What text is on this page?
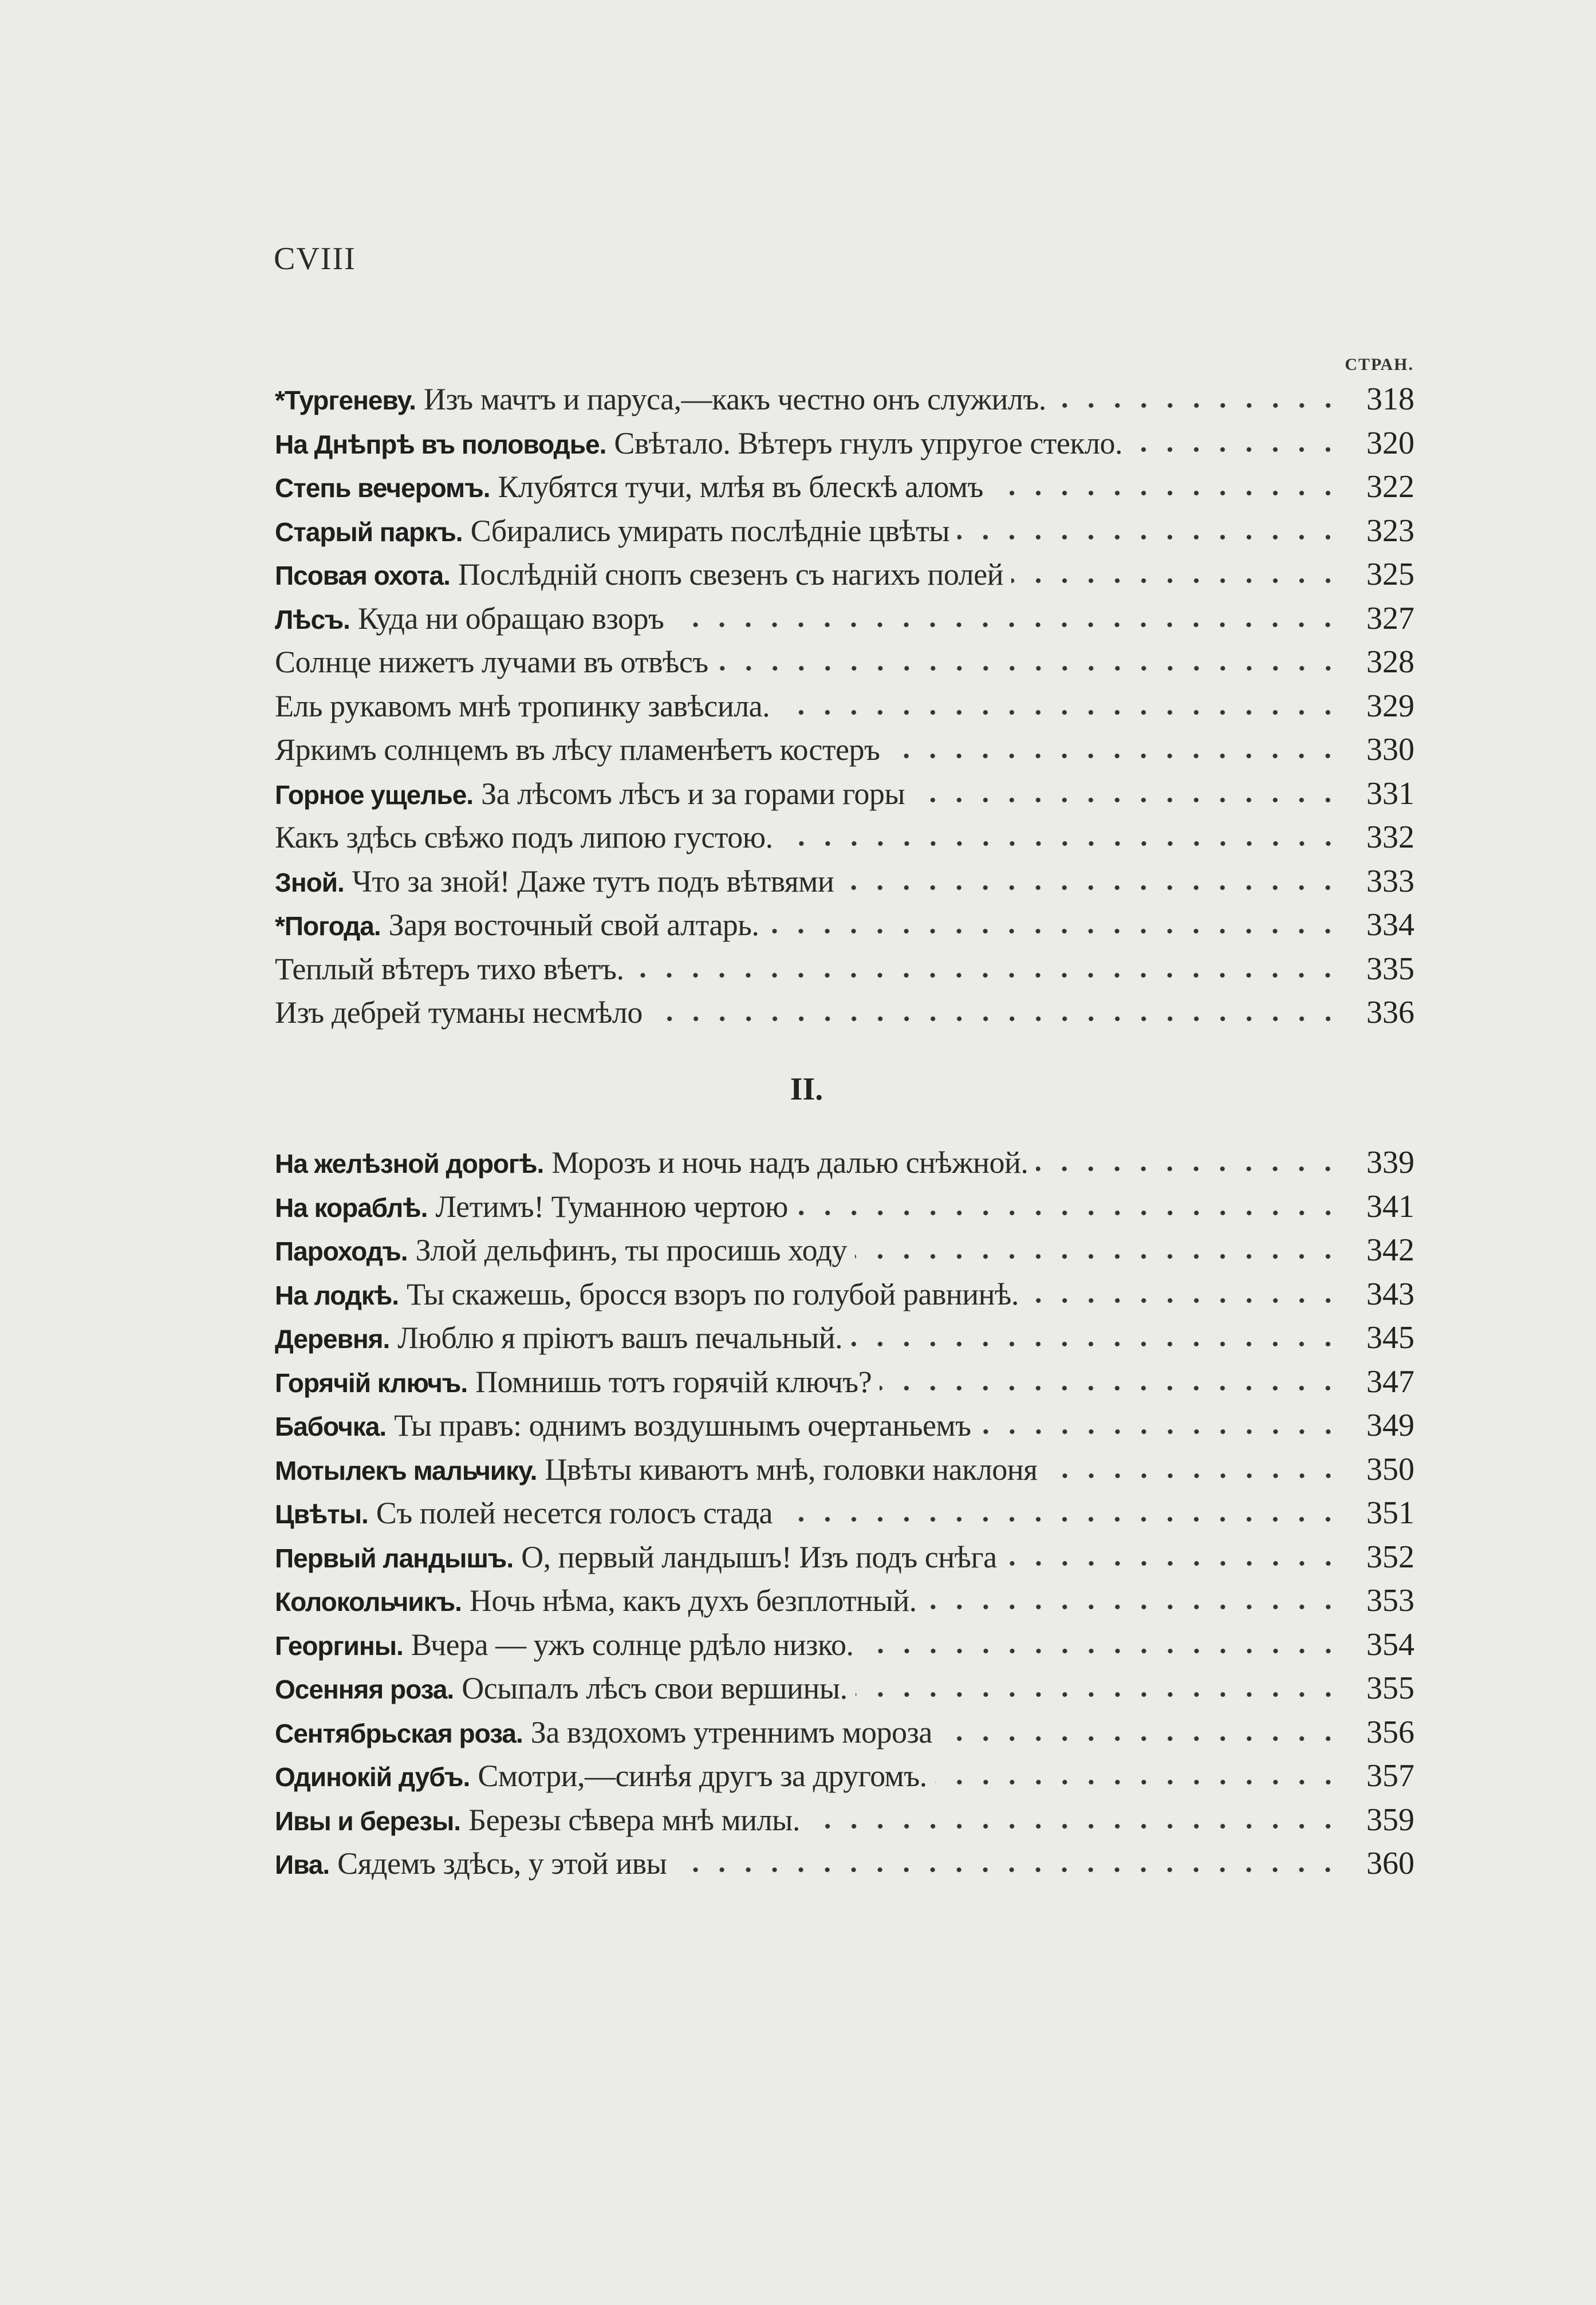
CVIII
СТРАН.
*Тургеневу. Изъ мачтъ и паруса,—какъ честно онъ служилъ.	318
На Днѣпрѣ въ половодье. Свѣтало. Вѣтеръ гнулъ упругое стекло.	320
Степь вечеромъ. Клубятся тучи, млѣя въ блескѣ аломъ	322
Старый паркъ. Сбирались умирать послѣднiе цвѣты	323
Псовая охота. Послѣднiй снопъ свезенъ съ нагихъ полей	325
Лѣсъ. Куда ни обращаю взоръ	327
Солнце нижетъ лучами въ отвѣсъ	328
Ель рукавомъ мнѣ тропинку завѣсила.	329
Яркимъ солнцемъ въ лѣсу пламенѣетъ костеръ	330
Горное ущелье. За лѣсомъ лѣсъ и за горами горы	331
Какъ здѣсь свѣжо подъ липою густою.	332
Зной. Что за зной! Даже тутъ подъ вѣтвями	333
*Погода. Заря восточный свой алтарь.	334
Теплый вѣтеръ тихо вѣетъ.	335
Изъ дебрей туманы несмѣло	336
II.
На желѣзной дорогѣ. Морозъ и ночь надъ далью снѣжной.	339
На кораблѣ. Летимъ! Туманною чертою	341
Пароходъ. Злой дельфинъ, ты просишь ходу	342
На лодкѣ. Ты скажешь, бросся взоръ по голубой равнинѣ.	343
Деревня. Люблю я прiютъ вашъ печальный.	345
Горячiй ключъ. Помнишь тотъ горячiй ключъ?	347
Бабочка. Ты правъ: однимъ воздушнымъ очертаньемъ	349
Мотылекъ мальчику. Цвѣты киваютъ мнѣ, головки наклоня	350
Цвѣты. Съ полей несется голосъ стада	351
Первый ландышъ. О, первый ландышъ! Изъ подъ снѣга	352
Колокольчикъ. Ночь нѣма, какъ духъ безплотный.	353
Георгины. Вчера — ужъ солнце рдѣло низко.	354
Осенняя роза. Осыпалъ лѣсъ свои вершины.	355
Сентябрьская роза. За вздохомъ утреннимъ мороза	356
Одинокiй дубъ. Смотри,—синѣя другъ за другомъ.	357
Ивы и березы. Березы сѣвера мнѣ милы.	359
Ива. Сядемъ здѣсь, у этой ивы	360
